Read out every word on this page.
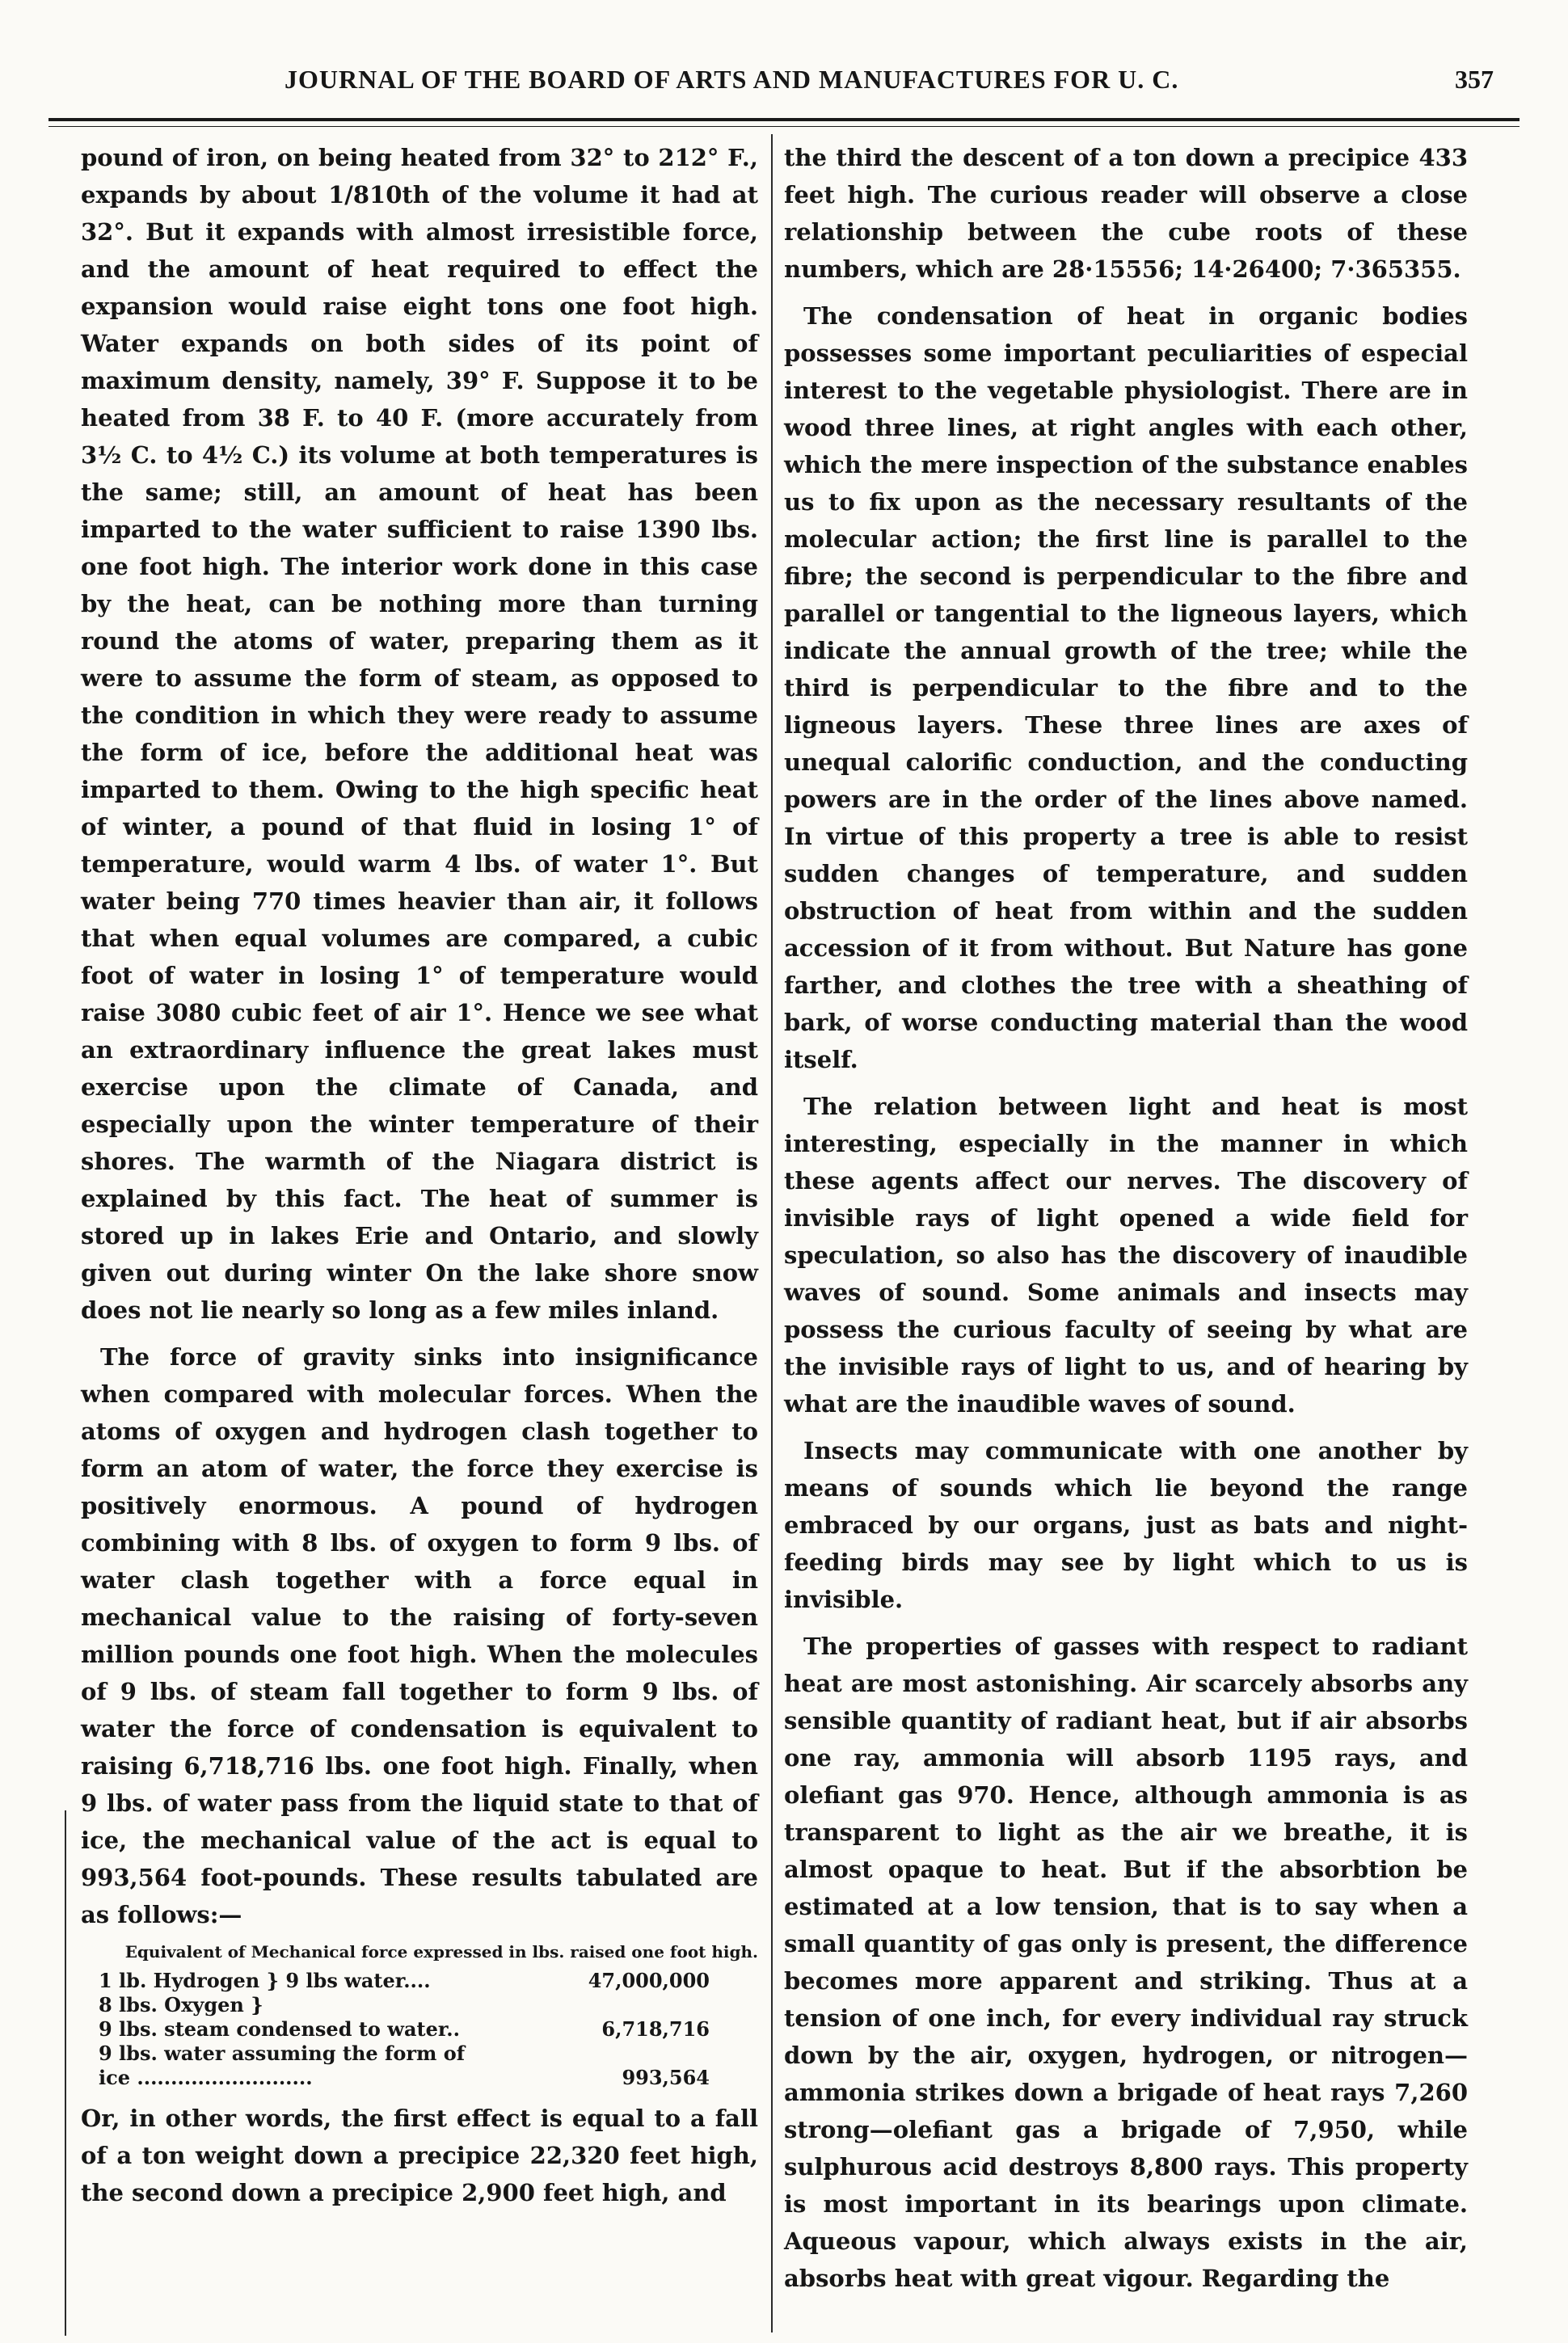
JOURNAL OF THE BOARD OF ARTS AND MANUFACTURES FOR U. C.	357

pound of iron, on being heated from 32° to 212° F., expands by about 1/810th of the volume it had at 32°. But it expands with almost irresistible force, and the amount of heat required to effect the expansion would raise eight tons one foot high. Water expands on both sides of its point of maximum density, namely, 39° F. Suppose it to be heated from 38 F. to 40 F. (more accurately from 3½ C. to 4½ C.) its volume at both temperatures is the same; still, an amount of heat has been imparted to the water sufficient to raise 1390 lbs. one foot high. The interior work done in this case by the heat, can be nothing more than turning round the atoms of water, preparing them as it were to assume the form of steam, as opposed to the condition in which they were ready to assume the form of ice, before the additional heat was imparted to them. Owing to the high specific heat of winter, a pound of that fluid in losing 1° of temperature, would warm 4 lbs. of water 1°. But water being 770 times heavier than air, it follows that when equal volumes are compared, a cubic foot of water in losing 1° of temperature would raise 3080 cubic feet of air 1°. Hence we see what an extraordinary influence the great lakes must exercise upon the climate of Canada, and especially upon the winter temperature of their shores. The warmth of the Niagara district is explained by this fact. The heat of summer is stored up in lakes Erie and Ontario, and slowly given out during winter On the lake shore snow does not lie nearly so long as a few miles inland.

The force of gravity sinks into insignificance when compared with molecular forces. When the atoms of oxygen and hydrogen clash together to form an atom of water, the force they exercise is positively enormous. A pound of hydrogen combining with 8 lbs. of oxygen to form 9 lbs. of water clash together with a force equal in mechanical value to the raising of forty-seven million pounds one foot high. When the molecules of 9 lbs. of steam fall together to form 9 lbs. of water the force of condensation is equivalent to raising 6,718,716 lbs. one foot high. Finally, when 9 lbs. of water pass from the liquid state to that of ice, the mechanical value of the act is equal to 993,564 foot-pounds. These results tabulated are as follows:—

Equivalent of Mechanical force expressed in lbs. raised one foot high.
1 lb. Hydrogen } 9 lbs water....	47,000,000
8 lbs. Oxygen }
9 lbs. steam condensed to water..	6,718,716
9 lbs. water assuming the form of
ice ..........................	993,564

Or, in other words, the first effect is equal to a fall of a ton weight down a precipice 22,320 feet high, the second down a precipice 2,900 feet high, and

the third the descent of a ton down a precipice 433 feet high. The curious reader will observe a close relationship between the cube roots of these numbers, which are 28·15556; 14·26400; 7·365355.

The condensation of heat in organic bodies possesses some important peculiarities of especial interest to the vegetable physiologist. There are in wood three lines, at right angles with each other, which the mere inspection of the substance enables us to fix upon as the necessary resultants of the molecular action; the first line is parallel to the fibre; the second is perpendicular to the fibre and parallel or tangential to the ligneous layers, which indicate the annual growth of the tree; while the third is perpendicular to the fibre and to the ligneous layers. These three lines are axes of unequal calorific conduction, and the conducting powers are in the order of the lines above named. In virtue of this property a tree is able to resist sudden changes of temperature, and sudden obstruction of heat from within and the sudden accession of it from without. But Nature has gone farther, and clothes the tree with a sheathing of bark, of worse conducting material than the wood itself.

The relation between light and heat is most interesting, especially in the manner in which these agents affect our nerves. The discovery of invisible rays of light opened a wide field for speculation, so also has the discovery of inaudible waves of sound. Some animals and insects may possess the curious faculty of seeing by what are the invisible rays of light to us, and of hearing by what are the inaudible waves of sound.

Insects may communicate with one another by means of sounds which lie beyond the range embraced by our organs, just as bats and night-feeding birds may see by light which to us is invisible.

The properties of gasses with respect to radiant heat are most astonishing. Air scarcely absorbs any sensible quantity of radiant heat, but if air absorbs one ray, ammonia will absorb 1195 rays, and olefiant gas 970. Hence, although ammonia is as transparent to light as the air we breathe, it is almost opaque to heat. But if the absorbtion be estimated at a low tension, that is to say when a small quantity of gas only is present, the difference becomes more apparent and striking. Thus at a tension of one inch, for every individual ray struck down by the air, oxygen, hydrogen, or nitrogen—ammonia strikes down a brigade of heat rays 7,260 strong—olefiant gas a brigade of 7,950, while sulphurous acid destroys 8,800 rays. This property is most important in its bearings upon climate. Aqueous vapour, which always exists in the air, absorbs heat with great vigour. Regarding the
